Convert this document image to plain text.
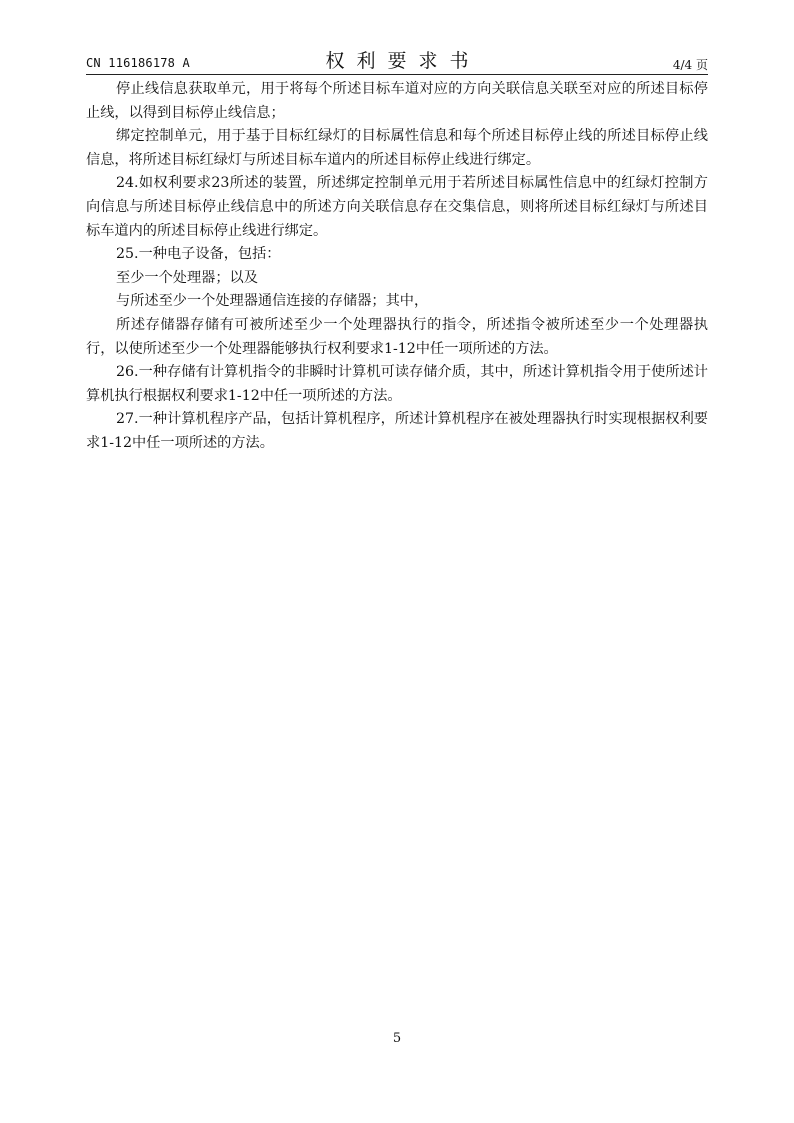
CN 116186178 A	权利要求书	4/4 页

停止线信息获取单元，用于将每个所述目标车道对应的方向关联信息关联至对应的所述目标停止线，以得到目标停止线信息；

绑定控制单元，用于基于目标红绿灯的目标属性信息和每个所述目标停止线的所述目标停止线信息，将所述目标红绿灯与所述目标车道内的所述目标停止线进行绑定。

24.如权利要求23所述的装置，所述绑定控制单元用于若所述目标属性信息中的红绿灯控制方向信息与所述目标停止线信息中的所述方向关联信息存在交集信息，则将所述目标红绿灯与所述目标车道内的所述目标停止线进行绑定。

25.一种电子设备，包括：

至少一个处理器；以及

与所述至少一个处理器通信连接的存储器；其中，

所述存储器存储有可被所述至少一个处理器执行的指令，所述指令被所述至少一个处理器执行，以使所述至少一个处理器能够执行权利要求1-12中任一项所述的方法。

26.一种存储有计算机指令的非瞬时计算机可读存储介质，其中，所述计算机指令用于使所述计算机执行根据权利要求1-12中任一项所述的方法。

27.一种计算机程序产品，包括计算机程序，所述计算机程序在被处理器执行时实现根据权利要求1-12中任一项所述的方法。

5
